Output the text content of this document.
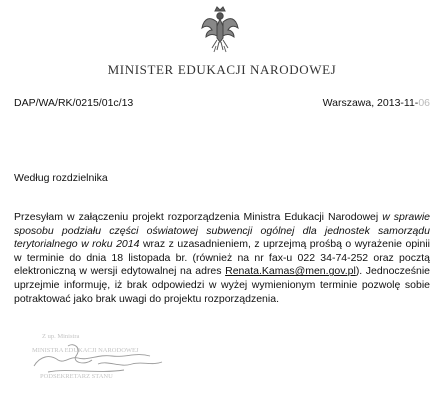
MINISTER EDUKACJI NARODOWEJ
DAP/WA/RK/0215/01c/13	Warszawa, 2013-11-06
Według rozdzielnika
Przesyłam w załączeniu projekt rozporządzenia Ministra Edukacji Narodowej w sprawie sposobu podziału części oświatowej subwencji ogólnej dla jednostek samorządu terytorialnego w roku 2014 wraz z uzasadnieniem, z uprzejmą prośbą o wyrażenie opinii w terminie do dnia 18 listopada br. (również na nr fax-u 022 34-74-252 oraz pocztą elektroniczną w wersji edytowalnej na adres Renata.Kamas@men.gov.pl). Jednocześnie uprzejmie informuję, iż brak odpowiedzi w wyżej wymienionym terminie pozwolę sobie potraktować jako brak uwagi do projektu rozporządzenia.
Z up. Ministra
MINISTRA EDUKACJI NARODOWEJ
PODSEKRETARZ STANU
